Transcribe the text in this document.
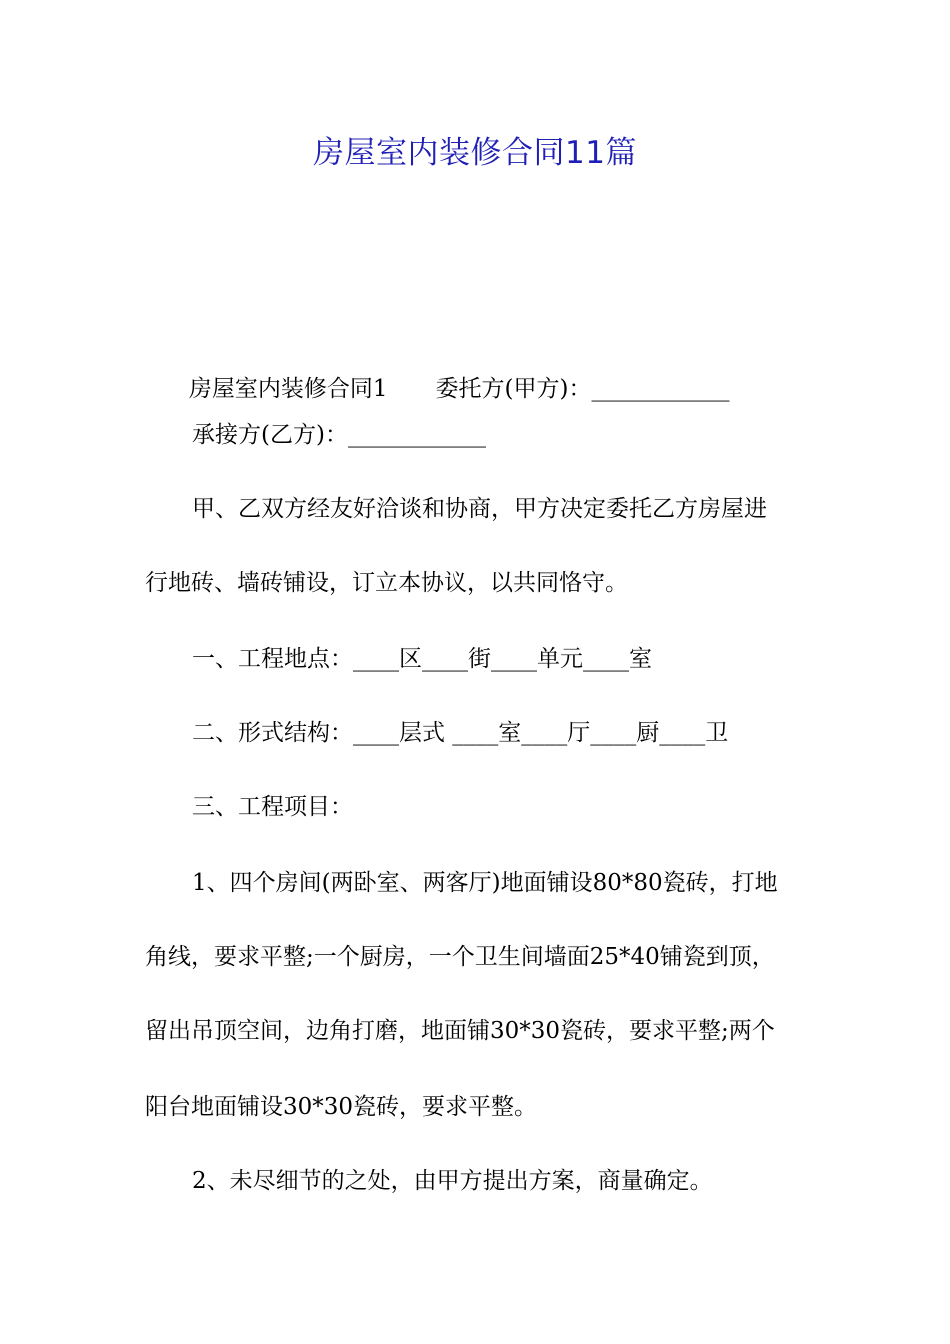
房屋室内装修合同11篇

房屋室内装修合同1 委托方(甲方)：____________

承接方(乙方)：____________
甲、乙双方经友好洽谈和协商，甲方决定委托乙方房屋进
行地砖、墙砖铺设，订立本协议，以共同恪守。
一、工程地点：____区____街____单元____室
二、形式结构：____层式 ____室____厅____厨____卫
三、工程项目：
1、四个房间(两卧室、两客厅)地面铺设80*80瓷砖，打地
角线，要求平整;一个厨房，一个卫生间墙面25*40铺瓷到顶，
留出吊顶空间，边角打磨，地面铺30*30瓷砖，要求平整;两个
阳台地面铺设30*30瓷砖，要求平整。
2、未尽细节的之处，由甲方提出方案，商量确定。
